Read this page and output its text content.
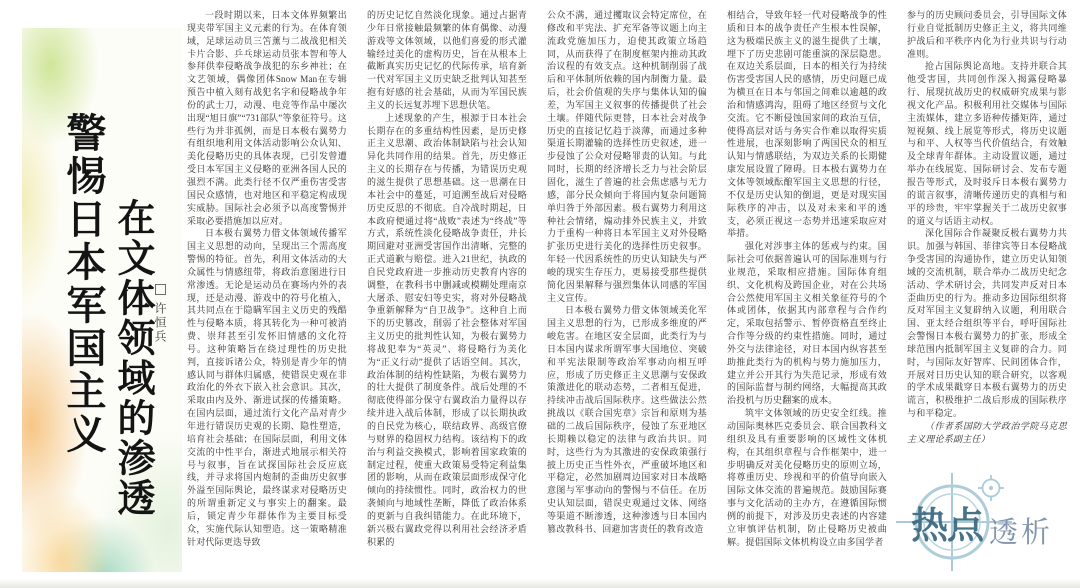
警惕日本军国主义 在文体领域的渗透 许恒兵

一段时期以来，日本文体界频繁出现夹带军国主义元素的行为。在体育领域，足球运动员三笘薰与二战战犯相关卡片合影、乒乓球运动员张本智和等人参拜供奉侵略战争战犯的东乡神社；在文艺领域，偶像团体Snow Man在专辑预告中植入刻有战犯名字和侵略战争年份的武士刀，动漫、电竞等作品中屡次出现“旭日旗”“731部队”等象征符号。这些行为并非孤例，而是日本极右翼势力有组织地利用文体活动影响公众认知、美化侵略历史的具体表现，已引发曾遭受日本军国主义侵略的亚洲各国人民的强烈不满。此类行径不仅严重伤害受害国民众感情，也对地区和平稳定构成现实威胁。国际社会必须予以高度警惕并采取必要措施加以应对。

日本极右翼势力借文体领域传播军国主义思想的动向，呈现出三个需高度警惕的特征。首先，利用文体活动的大众属性与情感纽带，将政治意图进行日常渗透。无论是运动员在赛场内外的表现，还是动漫、游戏中的符号化植入，其共同点在于隐瞒军国主义历史的残酷性与侵略本质，将其转化为一种可被消费、崇拜甚至引发怀旧情感的文化符号。这种策略旨在绕过理性的历史批判，直接诉诸公众，特别是青少年的情感认同与群体归属感，使错误史观在非政治化的外衣下嵌入社会意识。其次，采取由内及外、渐进试探的传播策略。在国内层面，通过流行文化产品对青少年进行错误历史观的长期、隐性塑造，培育社会基础；在国际层面，利用文体交流的中性平台，渐进式地展示相关符号与叙事，旨在试探国际社会反应底线，并寻求将国内炮制的歪曲历史叙事外溢至国际舆论，最终谋求对侵略历史的所谓重新定义与事实上的翻案。最后，锁定青少年群体作为主要目标受众，实施代际认知塑造。这一策略精准针对代际更迭导致

的历史记忆自然淡化现象。通过占据青少年日常接触最频繁的体育偶像、动漫游戏等文体领域，以他们喜爱的形式灌输经过美化的虚构历史，旨在从根本上截断真实历史记忆的代际传承，培育新一代对军国主义历史缺乏批判认知甚至抱有好感的社会基础，从而为军国民族主义的长远复苏埋下思想伏笔。

上述现象的产生，根源于日本社会长期存在的多重结构性因素，是历史修正主义思潮、政治体制缺陷与社会认知异化共同作用的结果。首先，历史修正主义的长期存在与传播，为错误历史观的滋生提供了思想基础。这一思潮在日本社会中的蔓延，可追溯至战后对侵略历史反思的不彻底。自冷战时期起，日本政府便通过将“战败”表述为“终战”等方式，系统性淡化侵略战争责任，并长期回避对亚洲受害国作出清晰、完整的正式道歉与赔偿。进入21世纪，执政的自民党政府进一步推动历史教育内容的调整，在教科书中删减或模糊处理南京大屠杀、慰安妇等史实，将对外侵略战争重新解释为“自卫战争”。这种自上而下的历史篡改，削弱了社会整体对军国主义历史的批判性认知，为极右翼势力将战犯奉为“英灵”、将侵略行为美化为“正义行动”提供了话语空间。其次，政治体制的结构性缺陷，为极右翼势力的壮大提供了制度条件。战后处理的不彻底使得部分保守右翼政治力量得以存续并进入战后体制，形成了以长期执政的自民党为核心，联结政界、高级官僚与财界的稳固权力结构。该结构下的政治与利益交换模式，影响着国家政策的制定过程，使重大政策易受特定利益集团的影响，从而在政策层面形成保守化倾向的持续惯性。同时，政治权力的世袭倾向与地域性垄断，降低了政治体系的更新与自我纠错能力。在此环境下，新兴极右翼政党得以利用社会经济矛盾积累的

公众不满，通过攫取议会特定席位，在修改和平宪法、扩充军备等议题上向主流政党施加压力，迫使其政策立场趋同，从而获得了在制度框架内推动其政治议程的有效支点。这种机制削弱了战后和平体制所依赖的国内制衡力量。最后，社会价值观的失序与集体认知的偏差，为军国主义叙事的传播提供了社会土壤。伴随代际更替，日本社会对战争历史的直接记忆趋于淡薄，而通过多种渠道长期灌输的选择性历史叙述，进一步侵蚀了公众对侵略罪责的认知。与此同时，长期的经济增长乏力与社会阶层固化，滋生了普遍的社会焦虑感与无力感，部分民众倾向于将国内复杂问题简单归咎于外部因素。极右翼势力利用这种社会情绪，煽动排外民族主义，并致力于重构一种将日本军国主义对外侵略扩张历史进行美化的选择性历史叙事。年轻一代因系统性的历史认知缺失与严峻的现实生存压力，更易接受那些提供简化因果解释与强烈集体认同感的军国主义宣传。

日本极右翼势力借文体领域美化军国主义思想的行为，已形成多维度的严峻危害。在地区安全层面，此类行为与日本国内谋求所谓军事大国地位、突破和平宪法限制等政治军事动向相互呼应，形成了历史修正主义思潮与安保政策激进化的联动态势，二者相互促进，持续冲击战后国际秩序。这些做法公然挑战以《联合国宪章》宗旨和原则为基础的二战后国际秩序，侵蚀了东亚地区长期赖以稳定的法律与政治共识。同时，这些行为为其激进的安保政策强行披上历史正当性外衣，严重破坏地区和平稳定，必然加剧周边国家对日本战略意图与军事动向的警惕与不信任。在历史认知层面，错误史观通过文体、网络等渠道不断渗透，这种渗透与日本国内篡改教科书、回避加害责任的教育改造

相结合，导致年轻一代对侵略战争的性质和日本的战争责任产生根本性误解，这为极端民族主义的滋生提供了土壤，埋下了历史悲剧可能重演的深层隐患。在双边关系层面，日本的相关行为持续伤害受害国人民的感情，历史问题已成为横亘在日本与邻国之间难以逾越的政治和情感鸿沟，阻碍了地区经贸与文化交流。它不断侵蚀国家间的政治互信，使得高层对话与务实合作难以取得实质性进展，也深刻影响了两国民众的相互认知与情感联结，为双边关系的长期健康发展设置了障碍。日本极右翼势力在文体等领域酝酿军国主义思想的行径，不仅是历史认知的倒退，更是对现实国际秩序的冲击，以及对未来和平的透支，必须正视这一态势并迅速采取应对举措。

强化对涉事主体的惩戒与约束。国际社会可依据普遍认可的国际准则与行业规范，采取相应措施。国际体育组织、文化机构及跨国企业，对在公共场合公然使用军国主义相关象征符号的个体或团体，依据其内部章程与合作约定，采取包括警示、暂停资格直至终止合作等分级的约束性措施。同时，通过外交与法律途径，对日本国内纵容甚至助推此类行为的机构与势力施加压力，建立并公开其行为失范记录，形成有效的国际监督与制约网络，大幅提高其政治投机与历史翻案的成本。

筑牢文体领域的历史安全红线。推动国际奥林匹克委员会、联合国教科文组织及具有重要影响的区域性文体机构，在其组织章程与合作框架中，进一步明确反对美化侵略历史的原则立场，将尊重历史、珍视和平的价值导向嵌入国际文体交流的普遍规范。鼓励国际赛事与文化活动的主办方，在遵循国际惯例的前提下，对涉及历史表述的内容建立审慎评估机制，防止侵略历史被曲解。提倡国际文体机构设立由多国学者

参与的历史顾问委员会，引导国际文体行业自觉抵制历史修正主义，将共同维护战后和平秩序内化为行业共识与行动准则。

抢占国际舆论高地。支持并联合其他受害国，共同创作深入揭露侵略暴行、展现抗战历史的权威研究成果与影视文化产品。积极利用社交媒体与国际主流媒体，建立多语种传播矩阵，通过短视频、线上展览等形式，将历史议题与和平、人权等当代价值结合，有效触及全球青年群体。主动设置议题，通过举办在线展览、国际研讨会、发布专题报告等形式，及时驳斥日本极右翼势力的谎言叙事，清晰传递历史的真相与和平的珍贵，牢牢掌握关于二战历史叙事的道义与话语主动权。

深化国际合作凝聚反极右翼势力共识。加强与韩国、菲律宾等日本侵略战争受害国的沟通协作，建立历史认知领域的交流机制，联合举办二战历史纪念活动、学术研讨会，共同发声反对日本歪曲历史的行为。推动多边国际组织将反对军国主义复辟纳入议题，利用联合国、亚太经合组织等平台，呼吁国际社会警惕日本极右翼势力的扩张，形成全球范围内抵制军国主义复辟的合力。同时，与国际友好智库、民间团体合作，开展对日历史认知的联合研究，以客观的学术成果戳穿日本极右翼势力的历史谎言，积极维护二战后形成的国际秩序与和平稳定。

（作者系国防大学政治学院马克思主义理论系副主任）

热点 透析
